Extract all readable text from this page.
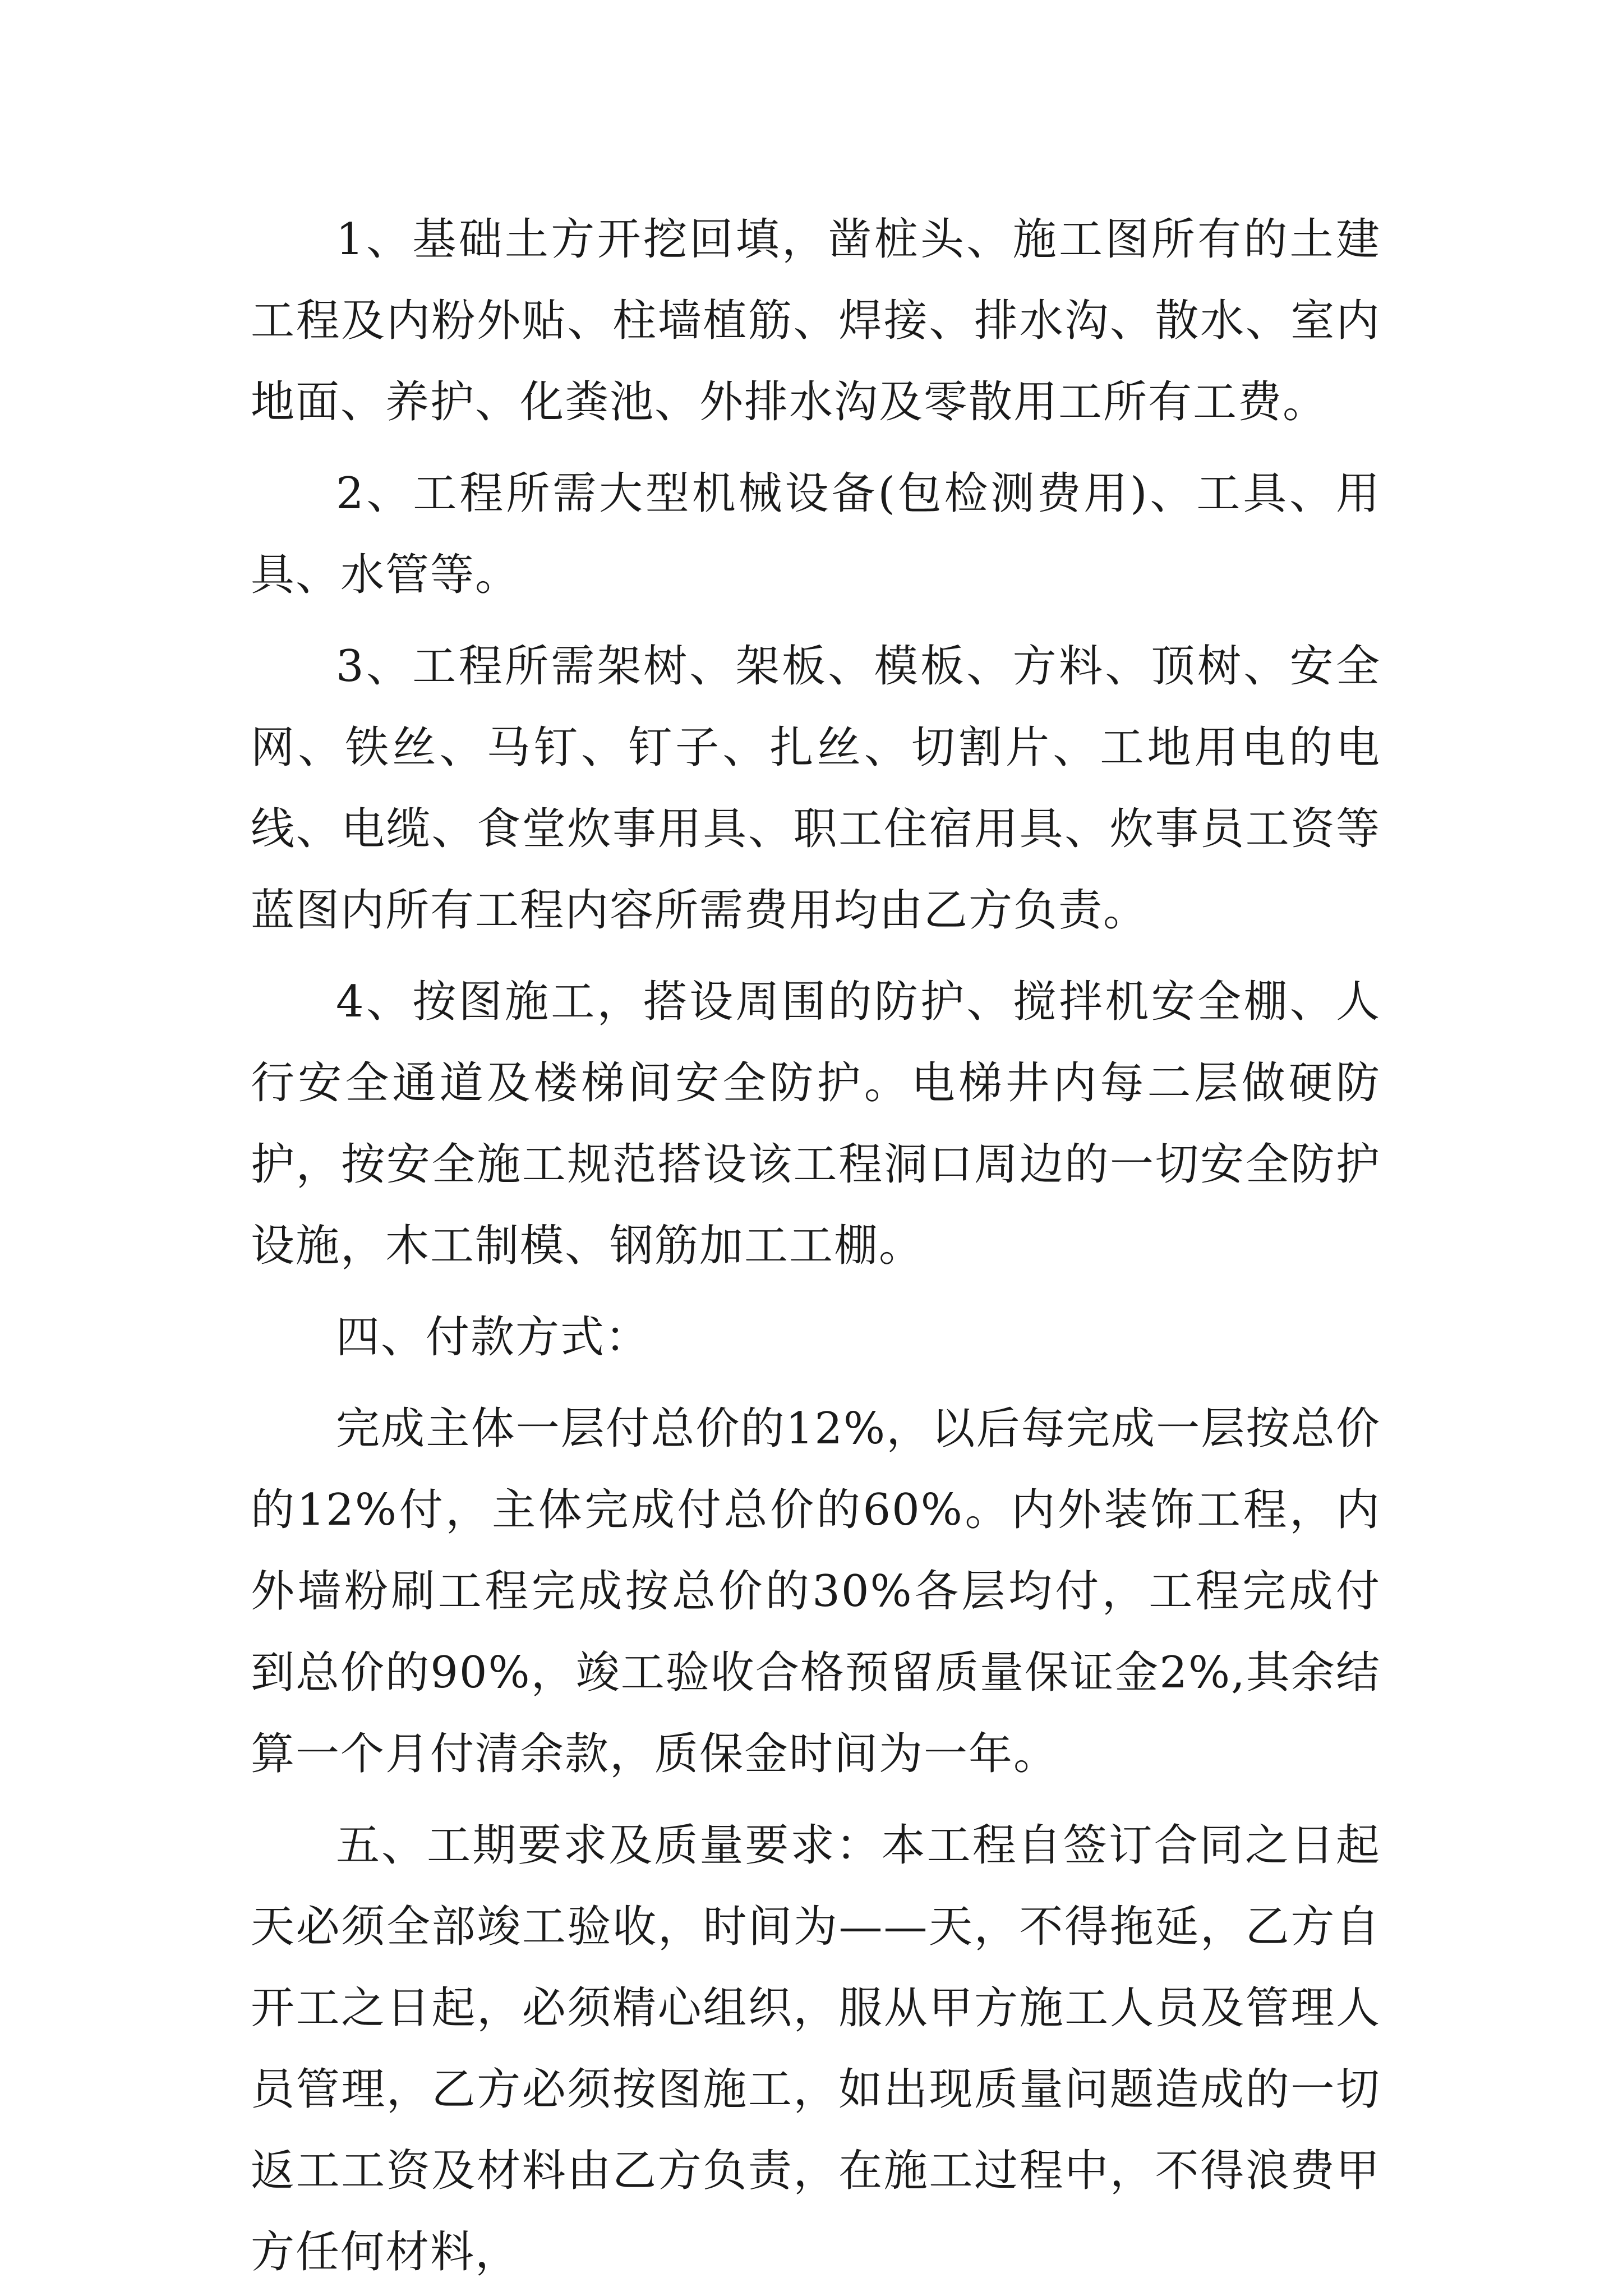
1、基础土方开挖回填，凿桩头、施工图所有的土建工程及内粉外贴、柱墙植筋、焊接、排水沟、散水、室内地面、养护、化粪池、外排水沟及零散用工所有工费。

2、工程所需大型机械设备(包检测费用)、工具、用具、水管等。

3、工程所需架树、架板、模板、方料、顶树、安全网、铁丝、马钉、钉子、扎丝、切割片、工地用电的电线、电缆、食堂炊事用具、职工住宿用具、炊事员工资等蓝图内所有工程内容所需费用均由乙方负责。

4、按图施工，搭设周围的防护、搅拌机安全棚、人行安全通道及楼梯间安全防护。电梯井内每二层做硬防护，按安全施工规范搭设该工程洞口周边的一切安全防护设施，木工制模、钢筋加工工棚。

四、付款方式：

完成主体一层付总价的12%，以后每完成一层按总价的12%付，主体完成付总价的60%。内外装饰工程，内外墙粉刷工程完成按总价的30%各层均付，工程完成付到总价的90%，竣工验收合格预留质量保证金2%,其余结算一个月付清余款，质保金时间为一年。

五、工期要求及质量要求：本工程自签订合同之日起天必须全部竣工验收，时间为——天，不得拖延，乙方自开工之日起，必须精心组织，服从甲方施工人员及管理人员管理，乙方必须按图施工，如出现质量问题造成的一切返工工资及材料由乙方负责，在施工过程中，不得浪费甲方任何材料，
